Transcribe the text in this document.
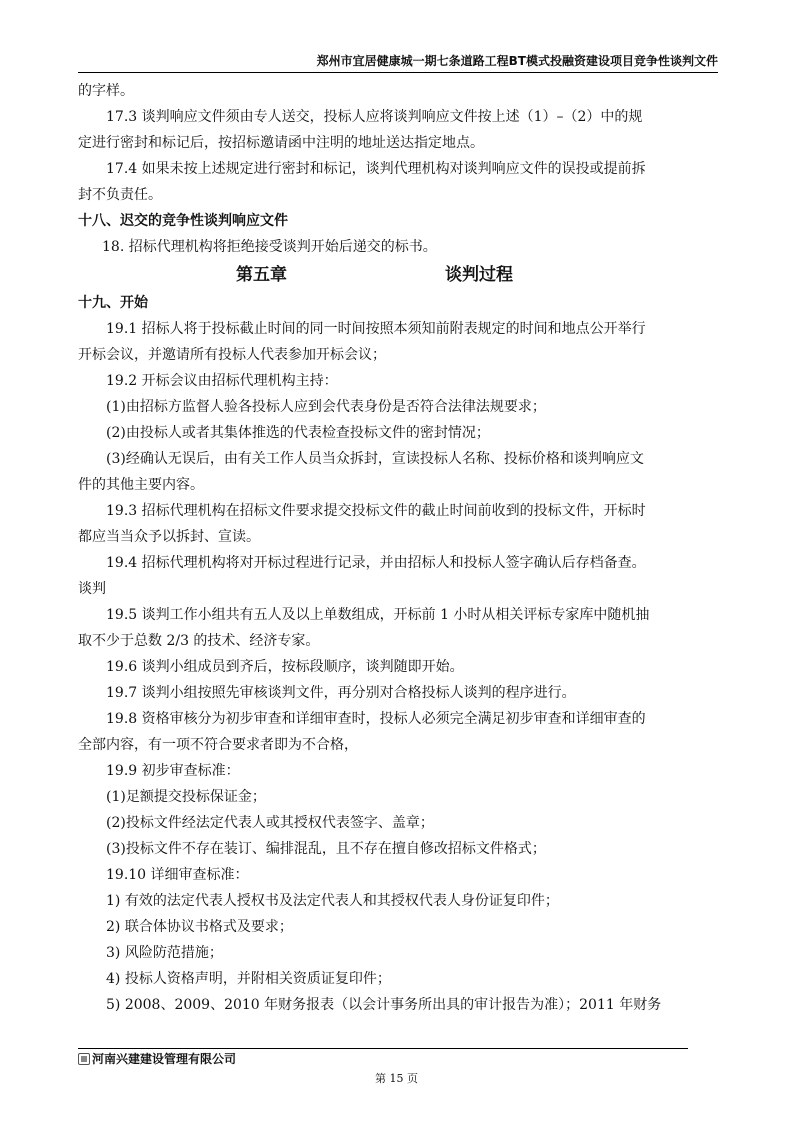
郑州市宜居健康城一期七条道路工程BT模式投融资建设项目竞争性谈判文件
的字样。
17.3 谈判响应文件须由专人送交，投标人应将谈判响应文件按上述（1）–（2）中的规
定进行密封和标记后，按招标邀请函中注明的地址送达指定地点。
17.4 如果未按上述规定进行密封和标记，谈判代理机构对谈判响应文件的误投或提前拆
封不负责任。
十八、迟交的竞争性谈判响应文件
18. 招标代理机构将拒绝接受谈判开始后递交的标书。
第五章	谈判过程
十九、开始
19.1 招标人将于投标截止时间的同一时间按照本须知前附表规定的时间和地点公开举行
开标会议，并邀请所有投标人代表参加开标会议；
19.2 开标会议由招标代理机构主持：
(1)由招标方监督人验各投标人应到会代表身份是否符合法律法规要求；
(2)由投标人或者其集体推选的代表检查投标文件的密封情况；
(3)经确认无误后，由有关工作人员当众拆封，宣读投标人名称、投标价格和谈判响应文
件的其他主要内容。
19.3 招标代理机构在招标文件要求提交投标文件的截止时间前收到的投标文件，开标时
都应当当众予以拆封、宣读。
19.4 招标代理机构将对开标过程进行记录，并由招标人和投标人签字确认后存档备查。
谈判
19.5 谈判工作小组共有五人及以上单数组成，开标前 1 小时从相关评标专家库中随机抽
取不少于总数 2/3 的技术、经济专家。
19.6 谈判小组成员到齐后，按标段顺序，谈判随即开始。
19.7 谈判小组按照先审核谈判文件，再分别对合格投标人谈判的程序进行。
19.8 资格审核分为初步审查和详细审查时，投标人必须完全满足初步审查和详细审查的
全部内容，有一项不符合要求者即为不合格，
19.9 初步审查标准：
(1)足额提交投标保证金；
(2)投标文件经法定代表人或其授权代表签字、盖章；
(3)投标文件不存在装订、编排混乱，且不存在擅自修改招标文件格式；
19.10 详细审查标准：
1) 有效的法定代表人授权书及法定代表人和其授权代表人身份证复印件；
2) 联合体协议书格式及要求；
3) 风险防范措施；
4) 投标人资格声明，并附相关资质证复印件；
5) 2008、2009、2010 年财务报表（以会计事务所出具的审计报告为准）；2011 年财务
河南兴建建设管理有限公司
第 15 页
